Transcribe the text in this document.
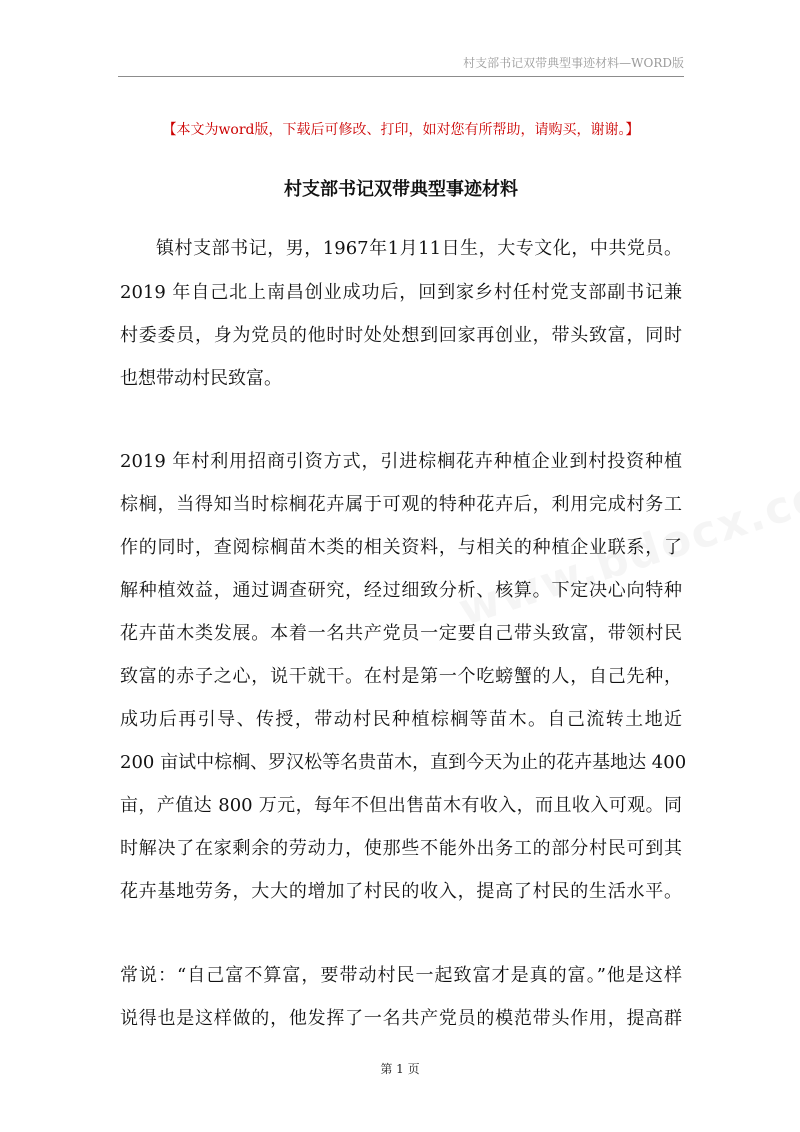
村支部书记双带典型事迹材料—WORD版
【本文为word版，下载后可修改、打印，如对您有所帮助，请购买，谢谢。】
村支部书记双带典型事迹材料
镇村支部书记，男，1967年1月11日生，大专文化，中共党员。
2019 年自己北上南昌创业成功后，回到家乡村任村党支部副书记兼
村委委员，身为党员的他时时处处想到回家再创业，带头致富，同时
也想带动村民致富。
2019 年村利用招商引资方式，引进棕榈花卉种植企业到村投资种植
棕榈，当得知当时棕榈花卉属于可观的特种花卉后，利用完成村务工
作的同时，查阅棕榈苗木类的相关资料，与相关的种植企业联系，了
解种植效益，通过调查研究，经过细致分析、核算。下定决心向特种
花卉苗木类发展。本着一名共产党员一定要自己带头致富，带领村民
致富的赤子之心，说干就干。在村是第一个吃螃蟹的人，自己先种，
成功后再引导、传授，带动村民种植棕榈等苗木。自己流转土地近
200 亩试中棕榈、罗汉松等名贵苗木，直到今天为止的花卉基地达 400
亩，产值达 800 万元，每年不但出售苗木有收入，而且收入可观。同
时解决了在家剩余的劳动力，使那些不能外出务工的部分村民可到其
花卉基地劳务，大大的增加了村民的收入，提高了村民的生活水平。
常说：“自己富不算富，要带动村民一起致富才是真的富。”他是这样
说得也是这样做的，他发挥了一名共产党员的模范带头作用，提高群
第 1 页
